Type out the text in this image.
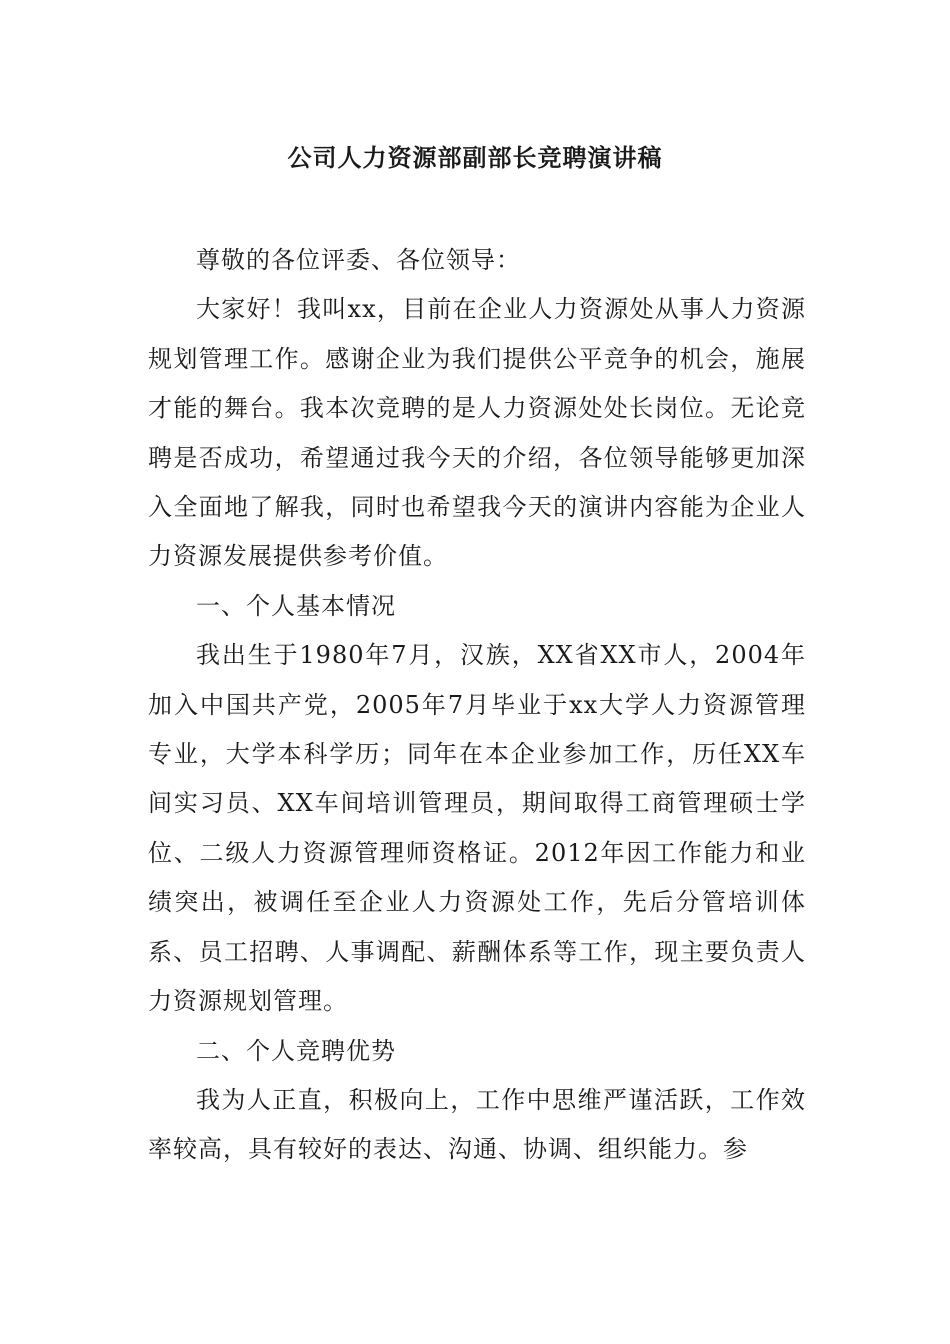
公司人力资源部副部长竞聘演讲稿

尊敬的各位评委、各位领导：

大家好！我叫xx，目前在企业人力资源处从事人力资源规划管理工作。感谢企业为我们提供公平竞争的机会，施展才能的舞台。我本次竞聘的是人力资源处处长岗位。无论竞聘是否成功，希望通过我今天的介绍，各位领导能够更加深入全面地了解我，同时也希望我今天的演讲内容能为企业人力资源发展提供参考价值。

一、个人基本情况

我出生于1980年7月，汉族，XX省XX市人，2004年加入中国共产党，2005年7月毕业于xx大学人力资源管理专业，大学本科学历；同年在本企业参加工作，历任XX车间实习员、XX车间培训管理员，期间取得工商管理硕士学位、二级人力资源管理师资格证。2012年因工作能力和业绩突出，被调任至企业人力资源处工作，先后分管培训体系、员工招聘、人事调配、薪酬体系等工作，现主要负责人力资源规划管理。

二、个人竞聘优势

我为人正直，积极向上，工作中思维严谨活跃，工作效率较高，具有较好的表达、沟通、协调、组织能力。参
